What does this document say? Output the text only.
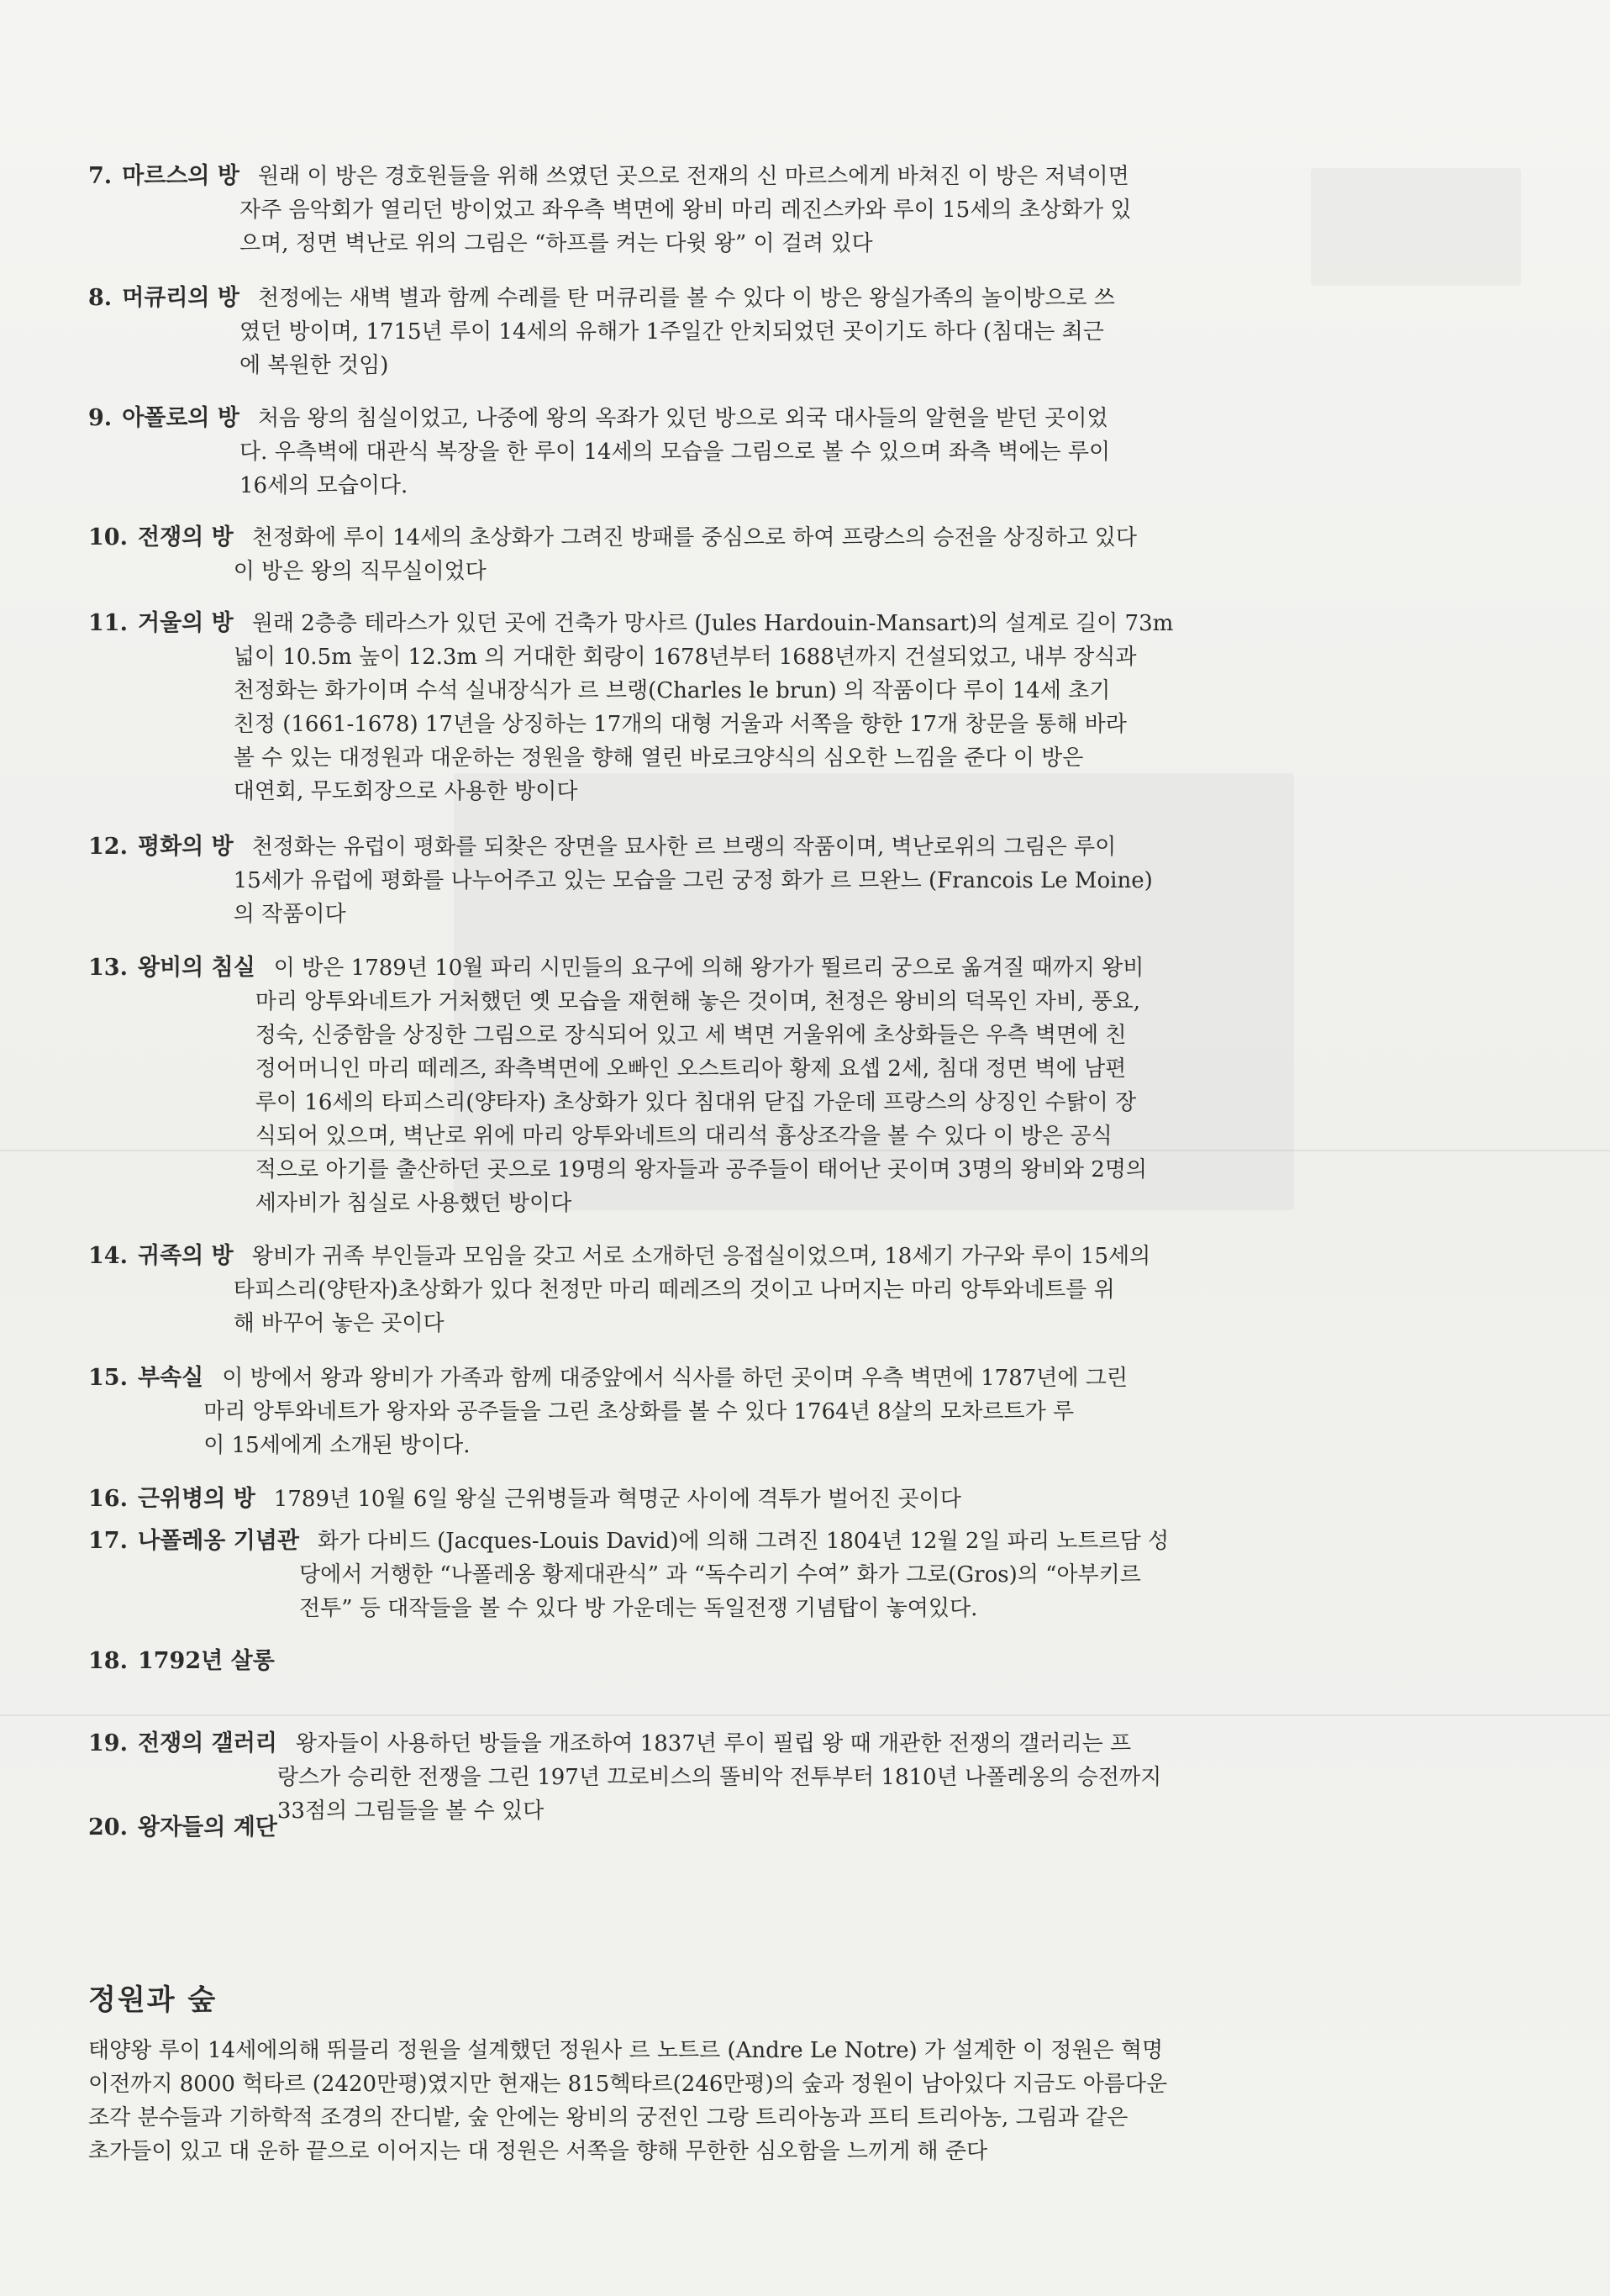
정원과 숲
태양왕 루이 14세에의해 뛰믈리 정원을 설계했던 정원사 르 노트르 (Andre Le Notre) 가 설계한 이 정원은 혁명
이전까지 8000 헉타르 (2420만평)였지만 현재는 815헥타르(246만평)의 숲과 정원이 남아있다 지금도 아름다운
조각 분수들과 기하학적 조경의 잔디밭, 숲 안에는 왕비의 궁전인 그랑 트리아농과 프티 트리아농, 그림과 같은
초가들이 있고 대 운하 끝으로 이어지는 대 정원은 서쪽을 향해 무한한 심오함을 느끼게 해 준다
7. 마르스의 방 원래 이 방은 경호원들을 위해 쓰였던 곳으로 전재의 신 마르스에게 바쳐진 이 방은 저녁이면
자주 음악회가 열리던 방이었고 좌우측 벽면에 왕비 마리 레진스카와 루이 15세의 초상화가 있
으며, 정면 벽난로 위의 그림은 “하프를 켜는 다윗 왕” 이 걸려 있다
8. 머큐리의 방 천정에는 새벽 별과 함께 수레를 탄 머큐리를 볼 수 있다 이 방은 왕실가족의 놀이방으로 쓰
였던 방이며, 1715년 루이 14세의 유해가 1주일간 안치되었던 곳이기도 하다 (침대는 최근
에 복원한 것임)
9. 아폴로의 방 처음 왕의 침실이었고, 나중에 왕의 옥좌가 있던 방으로 외국 대사들의 알현을 받던 곳이었
다. 우측벽에 대관식 복장을 한 루이 14세의 모습을 그림으로 볼 수 있으며 좌측 벽에는 루이
16세의 모습이다.
10. 전쟁의 방 천정화에 루이 14세의 초상화가 그려진 방패를 중심으로 하여 프랑스의 승전을 상징하고 있다
이 방은 왕의 직무실이었다
11. 거울의 방 원래 2층층 테라스가 있던 곳에 건축가 망사르 (Jules Hardouin-Mansart)의 설계로 길이 73m
넓이 10.5m 높이 12.3m 의 거대한 회랑이 1678년부터 1688년까지 건설되었고, 내부 장식과
천정화는 화가이며 수석 실내장식가 르 브랭(Charles le brun) 의 작품이다 루이 14세 초기
친정 (1661-1678) 17년을 상징하는 17개의 대형 거울과 서쪽을 향한 17개 창문을 통해 바라
볼 수 있는 대정원과 대운하는 정원을 향해 열린 바로크양식의 심오한 느낌을 준다 이 방은
대연회, 무도회장으로 사용한 방이다
12. 평화의 방 천정화는 유럽이 평화를 되찾은 장면을 묘사한 르 브랭의 작품이며, 벽난로위의 그림은 루이
15세가 유럽에 평화를 나누어주고 있는 모습을 그린 궁정 화가 르 므완느 (Francois Le Moine)
의 작품이다
13. 왕비의 침실 이 방은 1789년 10월 파리 시민들의 요구에 의해 왕가가 뛸르리 궁으로 옮겨질 때까지 왕비
마리 앙투와네트가 거처했던 옛 모습을 재현해 놓은 것이며, 천정은 왕비의 덕목인 자비, 풍요,
정숙, 신중함을 상징한 그림으로 장식되어 있고 세 벽면 거울위에 초상화들은 우측 벽면에 친
정어머니인 마리 떼레즈, 좌측벽면에 오빠인 오스트리아 황제 요셉 2세, 침대 정면 벽에 남편
루이 16세의 타피스리(양타자) 초상화가 있다 침대위 닫집 가운데 프랑스의 상징인 수탉이 장
식되어 있으며, 벽난로 위에 마리 앙투와네트의 대리석 흉상조각을 볼 수 있다 이 방은 공식
적으로 아기를 출산하던 곳으로 19명의 왕자들과 공주들이 태어난 곳이며 3명의 왕비와 2명의
세자비가 침실로 사용했던 방이다
14. 귀족의 방 왕비가 귀족 부인들과 모임을 갖고 서로 소개하던 응접실이었으며, 18세기 가구와 루이 15세의
타피스리(양탄자)초상화가 있다 천정만 마리 떼레즈의 것이고 나머지는 마리 앙투와네트를 위
해 바꾸어 놓은 곳이다
15. 부속실 이 방에서 왕과 왕비가 가족과 함께 대중앞에서 식사를 하던 곳이며 우측 벽면에 1787년에 그린
마리 앙투와네트가 왕자와 공주들을 그린 초상화를 볼 수 있다 1764년 8살의 모차르트가 루
이 15세에게 소개된 방이다.
16. 근위병의 방 1789년 10월 6일 왕실 근위병들과 혁명군 사이에 격투가 벌어진 곳이다
17. 나폴레옹 기념관 화가 다비드 (Jacques-Louis David)에 의해 그려진 1804년 12월 2일 파리 노트르담 성
당에서 거행한 “나폴레옹 황제대관식” 과 “독수리기 수여” 화가 그로(Gros)의 “아부키르
전투” 등 대작들을 볼 수 있다 방 가운데는 독일전쟁 기념탑이 놓여있다.
18. 1792년 살롱
19. 전쟁의 갤러리 왕자들이 사용하던 방들을 개조하여 1837년 루이 필립 왕 때 개관한 전쟁의 갤러리는 프
랑스가 승리한 전쟁을 그린 197년 끄로비스의 똘비악 전투부터 1810년 나폴레옹의 승전까지
33점의 그림들을 볼 수 있다
20. 왕자들의 계단
